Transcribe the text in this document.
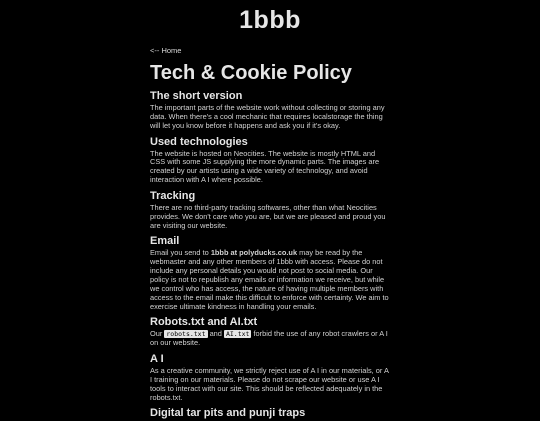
1bbb
<-- Home
Tech & Cookie Policy
The short version

The important parts of the website work without collecting or storing any data. When there's a cool mechanic that requires localstorage the thing will let you know before it happens and ask you if it's okay.

Used technologies

The website is hosted on Neocities. The website is mostly HTML and CSS with some JS supplying the more dynamic parts. The images are created by our artists using a wide variety of technology, and avoid interaction with A I where possible.

Tracking

There are no third-party tracking softwares, other than what Neocities provides. We don't care who you are, but we are pleased and proud you are visiting our website.

Email

Email you send to 1bbb at polyducks.co.uk may be read by the webmaster and any other members of 1bbb with access. Please do not include any personal details you would not post to social media. Our policy is not to republish any emails or information we receive, but while we control who has access, the nature of having multiple members with access to the email make this difficult to enforce with certainty. We aim to exercise ultimate kindness in handling your emails.

Robots.txt and AI.txt

Our robots.txt and AI.txt forbid the use of any robot crawlers or A I on our website.

A I

As a creative community, we strictly reject use of A I in our materials, or A I training on our materials. Please do not scrape our website or use A I tools to interact with our site. This should be reflected adequately in the robots.txt.

Digital tar pits and punji traps
